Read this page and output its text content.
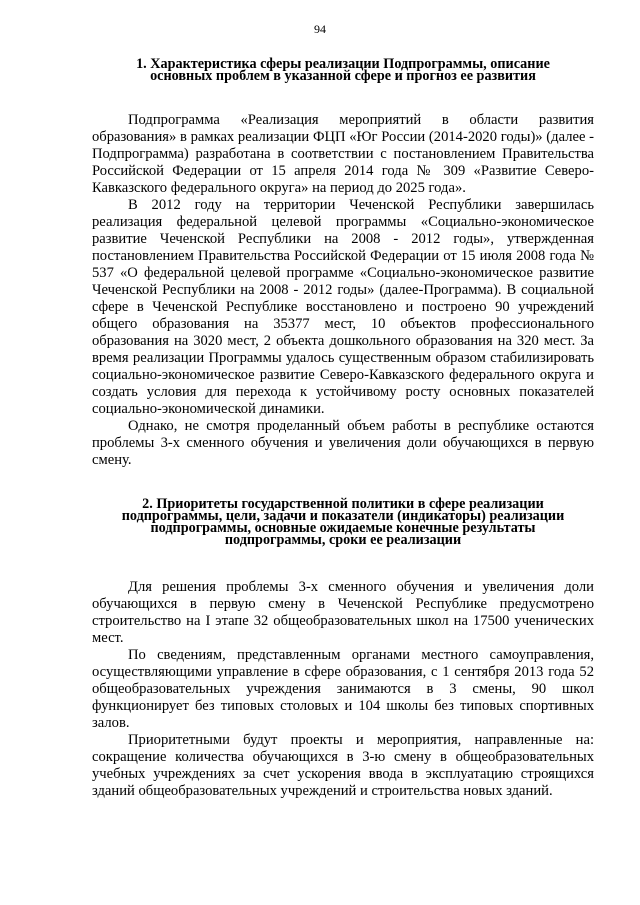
94
1. Характеристика сферы реализации Подпрограммы, описание
основных проблем в указанной сфере и прогноз ее развития

Подпрограмма «Реализация мероприятий в области развития образования» в рамках реализации ФЦП «Юг России (2014-2020 годы)» (далее - Подпрограмма) разработана в соответствии с постановлением Правительства Российской Федерации от 15 апреля 2014 года № 309 «Развитие Северо-Кавказского федерального округа» на период до 2025 года».

В 2012 году на территории Чеченской Республики завершилась реализация федеральной целевой программы «Социально-экономическое развитие Чеченской Республики на 2008 - 2012 годы», утвержденная постановлением Правительства Российской Федерации от 15 июля 2008 года № 537 «О федеральной целевой программе «Социально-экономическое развитие Чеченской Республики на 2008 - 2012 годы» (далее-Программа). В социальной сфере в Чеченской Республике восстановлено и построено 90 учреждений общего образования на 35377 мест, 10 объектов профессионального образования на 3020 мест, 2 объекта дошкольного образования на 320 мест. За время реализации Программы удалось существенным образом стабилизировать социально-экономическое развитие Северо-Кавказского федерального округа и создать условия для перехода к устойчивому росту основных показателей социально-экономической динамики.

Однако, не смотря проделанный объем работы в республике остаются проблемы 3-х сменного обучения и увеличения доли обучающихся в первую смену.

2. Приоритеты государственной политики в сфере реализации
подпрограммы, цели, задачи и показатели (индикаторы) реализации
подпрограммы, основные ожидаемые конечные результаты
подпрограммы, сроки ее реализации

Для решения проблемы 3-х сменного обучения и увеличения доли обучающихся в первую смену в Чеченской Республике предусмотрено строительство на I этапе 32 общеобразовательных школ на 17500 ученических мест.

По сведениям, представленным органами местного самоуправления, осуществляющими управление в сфере образования, с 1 сентября 2013 года 52 общеобразовательных учреждения занимаются в 3 смены, 90 школ функционирует без типовых столовых и 104 школы без типовых спортивных залов.

Приоритетными будут проекты и мероприятия, направленные на: сокращение количества обучающихся в 3-ю смену в общеобразовательных учебных учреждениях за счет ускорения ввода в эксплуатацию строящихся зданий общеобразовательных учреждений и строительства новых зданий.
